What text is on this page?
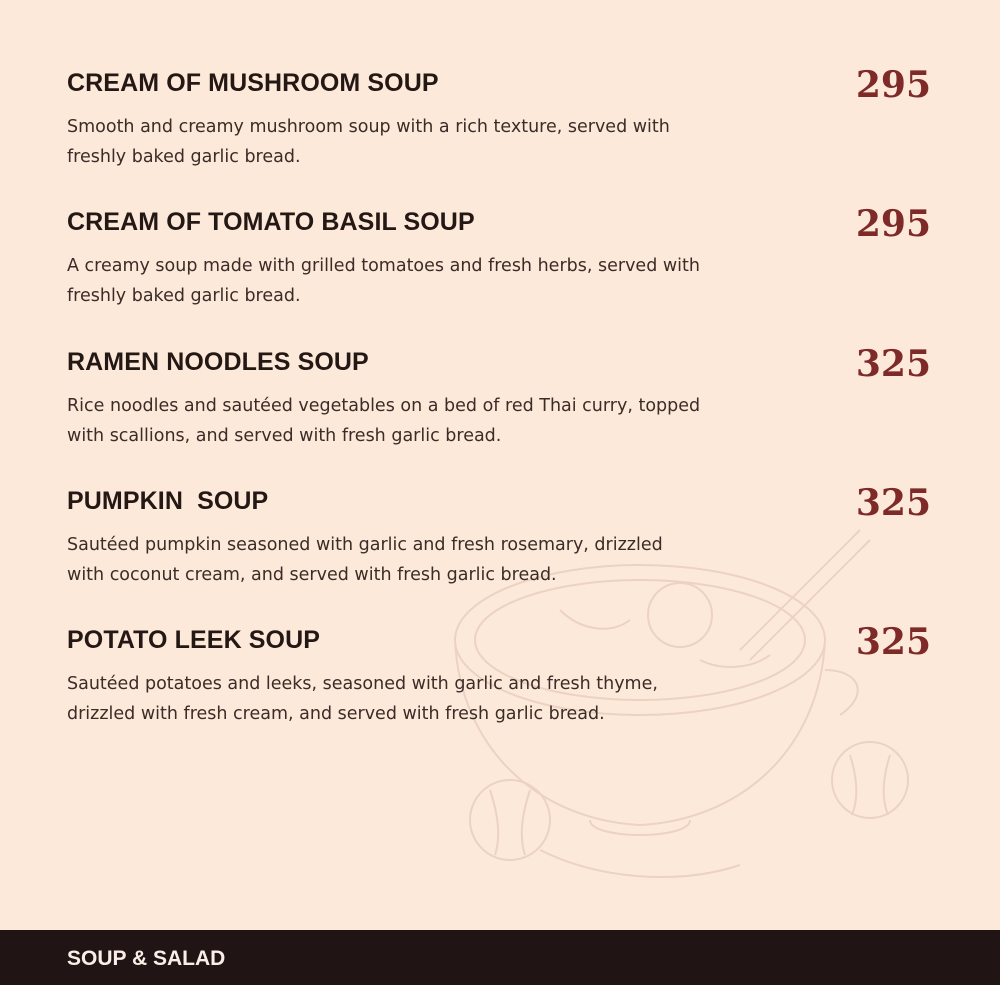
CREAM OF MUSHROOM SOUP
Smooth and creamy mushroom soup with a rich texture, served with
freshly baked garlic bread.
295
CREAM OF TOMATO BASIL SOUP
A creamy soup made with grilled tomatoes and fresh herbs, served with
freshly baked garlic bread.
295
RAMEN NOODLES SOUP
Rice noodles and sautéed vegetables on a bed of red Thai curry, topped
with scallions, and served with fresh garlic bread.
325
PUMPKIN  SOUP
Sautéed pumpkin seasoned with garlic and fresh rosemary, drizzled
with coconut cream, and served with fresh garlic bread.
325
POTATO LEEK SOUP
Sautéed potatoes and leeks, seasoned with garlic and fresh thyme,
drizzled with fresh cream, and served with fresh garlic bread.
325
SOUP & SALAD
